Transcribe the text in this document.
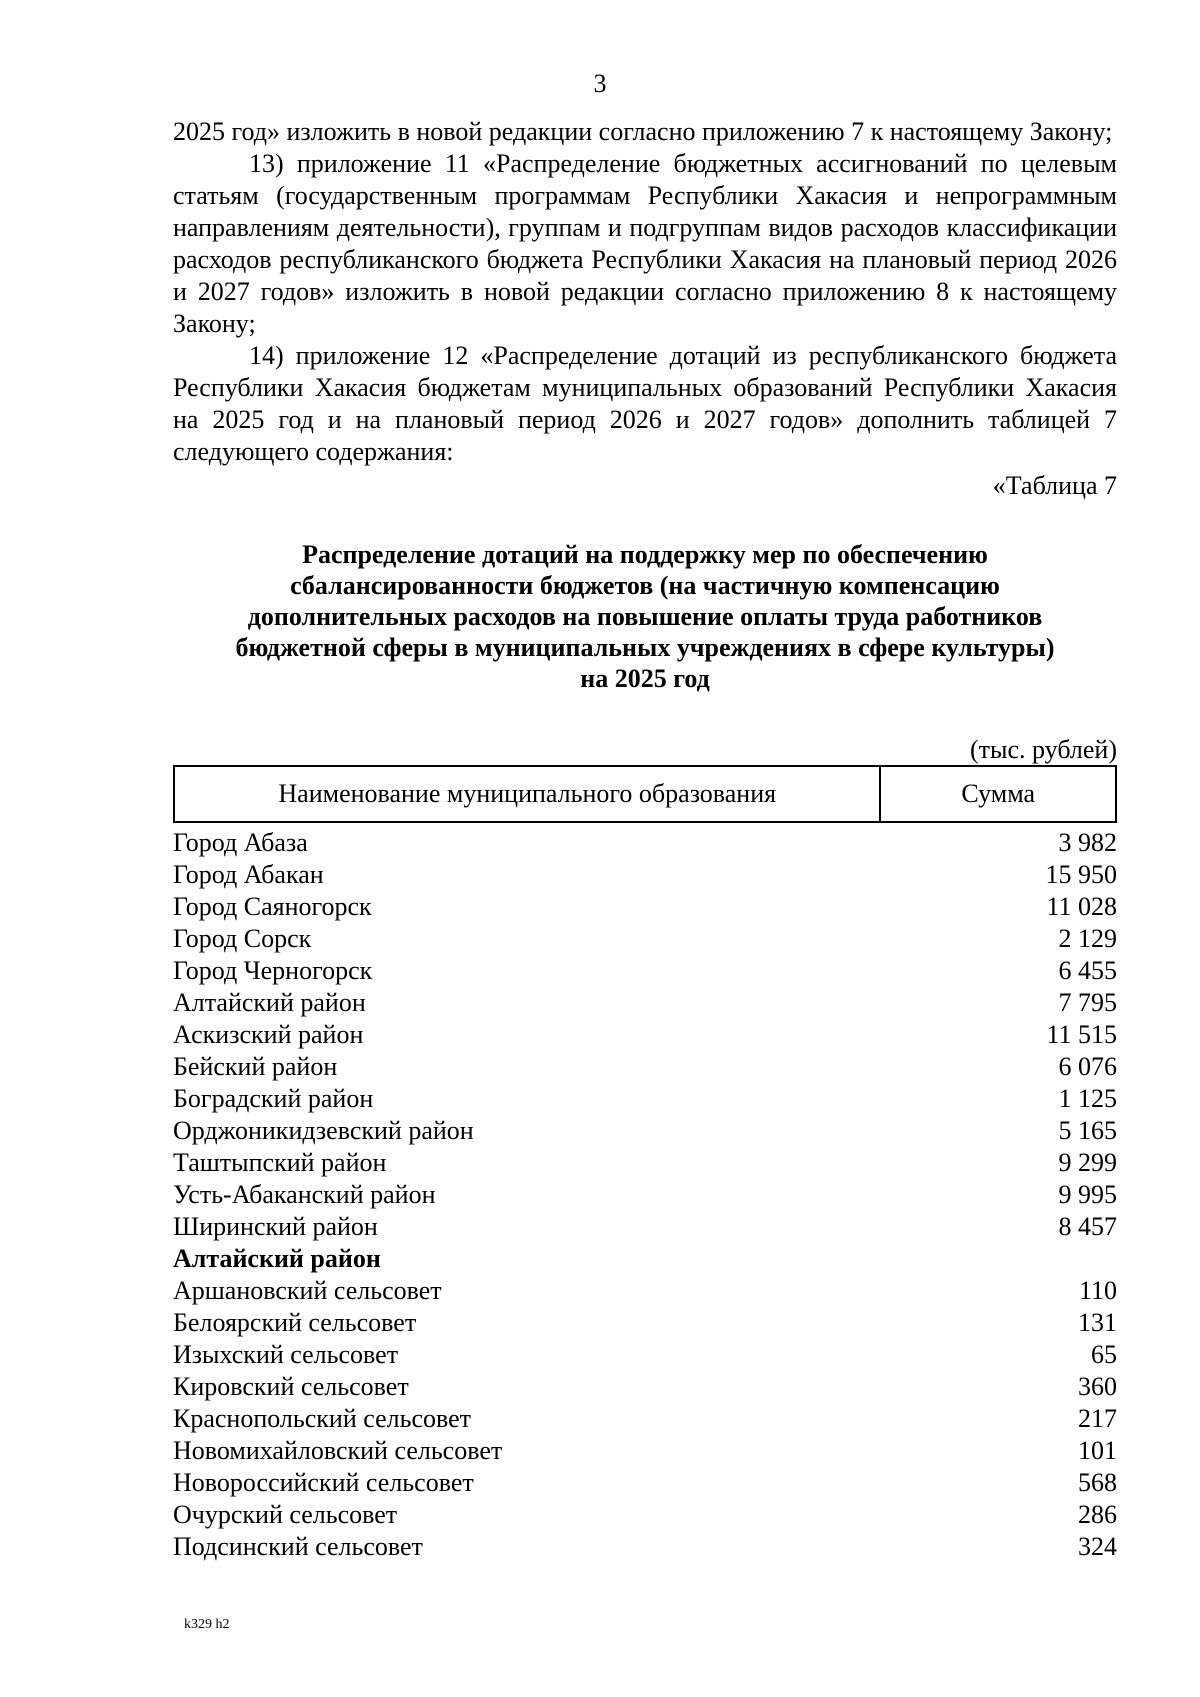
3

2025 год» изложить в новой редакции согласно приложению 7 к настоящему Закону;

13) приложение 11 «Распределение бюджетных ассигнований по целевым статьям (государственным программам Республики Хакасия и непрограммным направлениям деятельности), группам и подгруппам видов расходов классификации расходов республиканского бюджета Республики Хакасия на плановый период 2026 и 2027 годов» изложить в новой редакции согласно приложению 8 к настоящему Закону;

14) приложение 12 «Распределение дотаций из республиканского бюджета Республики Хакасия бюджетам муниципальных образований Республики Хакасия на 2025 год и на плановый период 2026 и 2027 годов» дополнить таблицей 7 следующего содержания:

«Таблица 7

Распределение дотаций на поддержку мер по обеспечению
сбалансированности бюджетов (на частичную компенсацию
дополнительных расходов на повышение оплаты труда работников
бюджетной сферы в муниципальных учреждениях в сфере культуры)
на 2025 год

(тыс. рублей)

Наименование муниципального образования	Сумма
Город Абаза	3 982
Город Абакан	15 950
Город Саяногорск	11 028
Город Сорск	2 129
Город Черногорск	6 455
Алтайский район	7 795
Аскизский район	11 515
Бейский район	6 076
Боградский район	1 125
Орджоникидзевский район	5 165
Таштыпский район	9 299
Усть-Абаканский район	9 995
Ширинский район	8 457
Алтайский район
Аршановский сельсовет	110
Белоярский сельсовет	131
Изыхский сельсовет	65
Кировский сельсовет	360
Краснопольский сельсовет	217
Новомихайловский сельсовет	101
Новороссийский сельсовет	568
Очурский сельсовет	286
Подсинский сельсовет	324
k329 h2
